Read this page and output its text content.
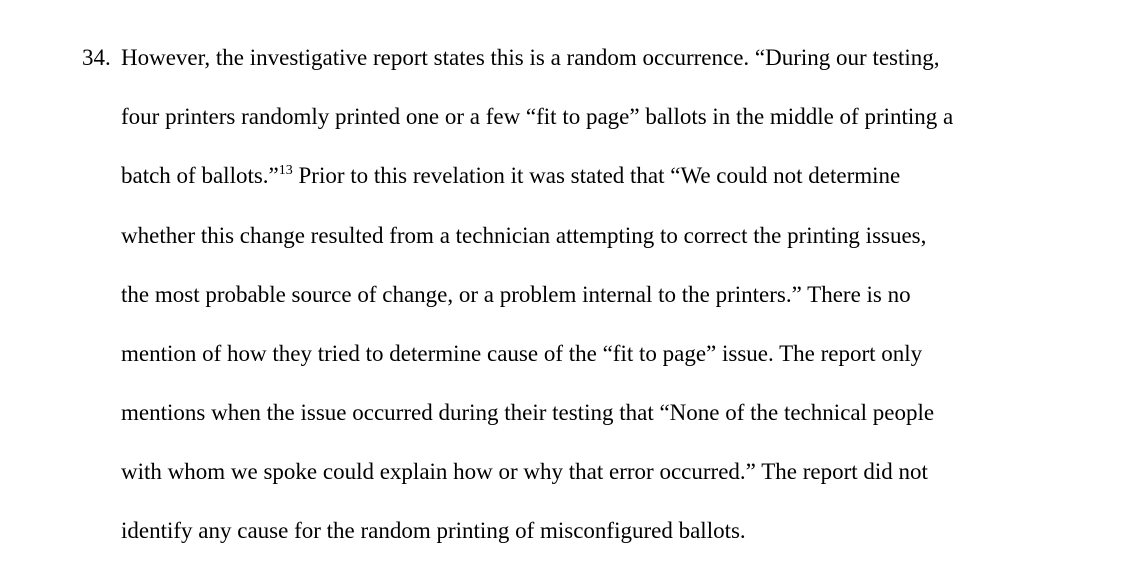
34. However, the investigative report states this is a random occurrence. “During our testing,
four printers randomly printed one or a few “fit to page” ballots in the middle of printing a
batch of ballots.”$^{13}$ Prior to this revelation it was stated that “We could not determine
whether this change resulted from a technician attempting to correct the printing issues,
the most probable source of change, or a problem internal to the printers.” There is no
mention of how they tried to determine cause of the “fit to page” issue. The report only
mentions when the issue occurred during their testing that “None of the technical people
with whom we spoke could explain how or why that error occurred.” The report did not
identify any cause for the random printing of misconfigured ballots.
